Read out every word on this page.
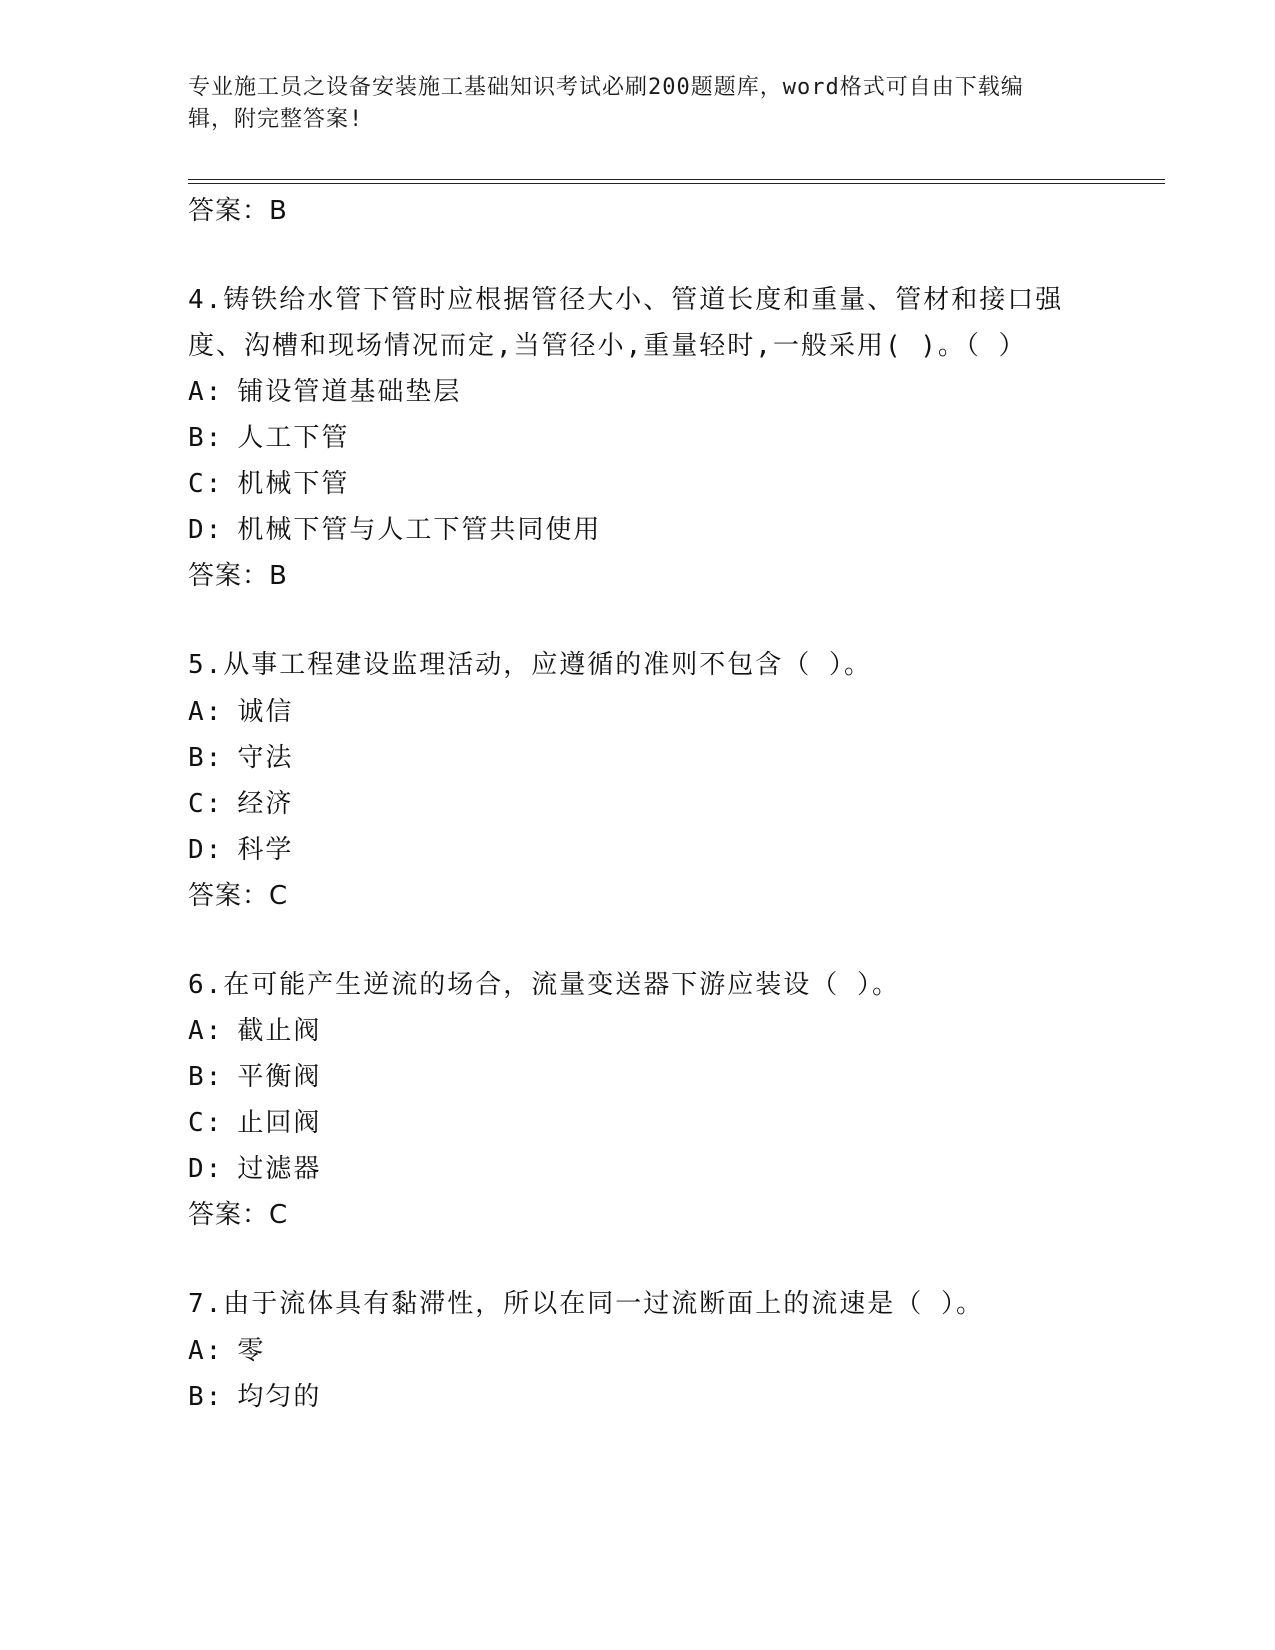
专业施工员之设备安装施工基础知识考试必刷200题题库，word格式可自由下载编辑，附完整答案!
答案：B
4.铸铁给水管下管时应根据管径大小、管道长度和重量、管材和接口强度、沟槽和现场情况而定,当管径小,重量轻时,一般采用( )。（ ）
A: 铺设管道基础垫层
B: 人工下管
C: 机械下管
D: 机械下管与人工下管共同使用
答案：B
5.从事工程建设监理活动，应遵循的准则不包含（ ）。
A: 诚信
B: 守法
C: 经济
D: 科学
答案：C
6.在可能产生逆流的场合，流量变送器下游应装设（ ）。
A: 截止阀
B: 平衡阀
C: 止回阀
D: 过滤器
答案：C
7.由于流体具有黏滞性，所以在同一过流断面上的流速是（ ）。
A: 零
B: 均匀的
